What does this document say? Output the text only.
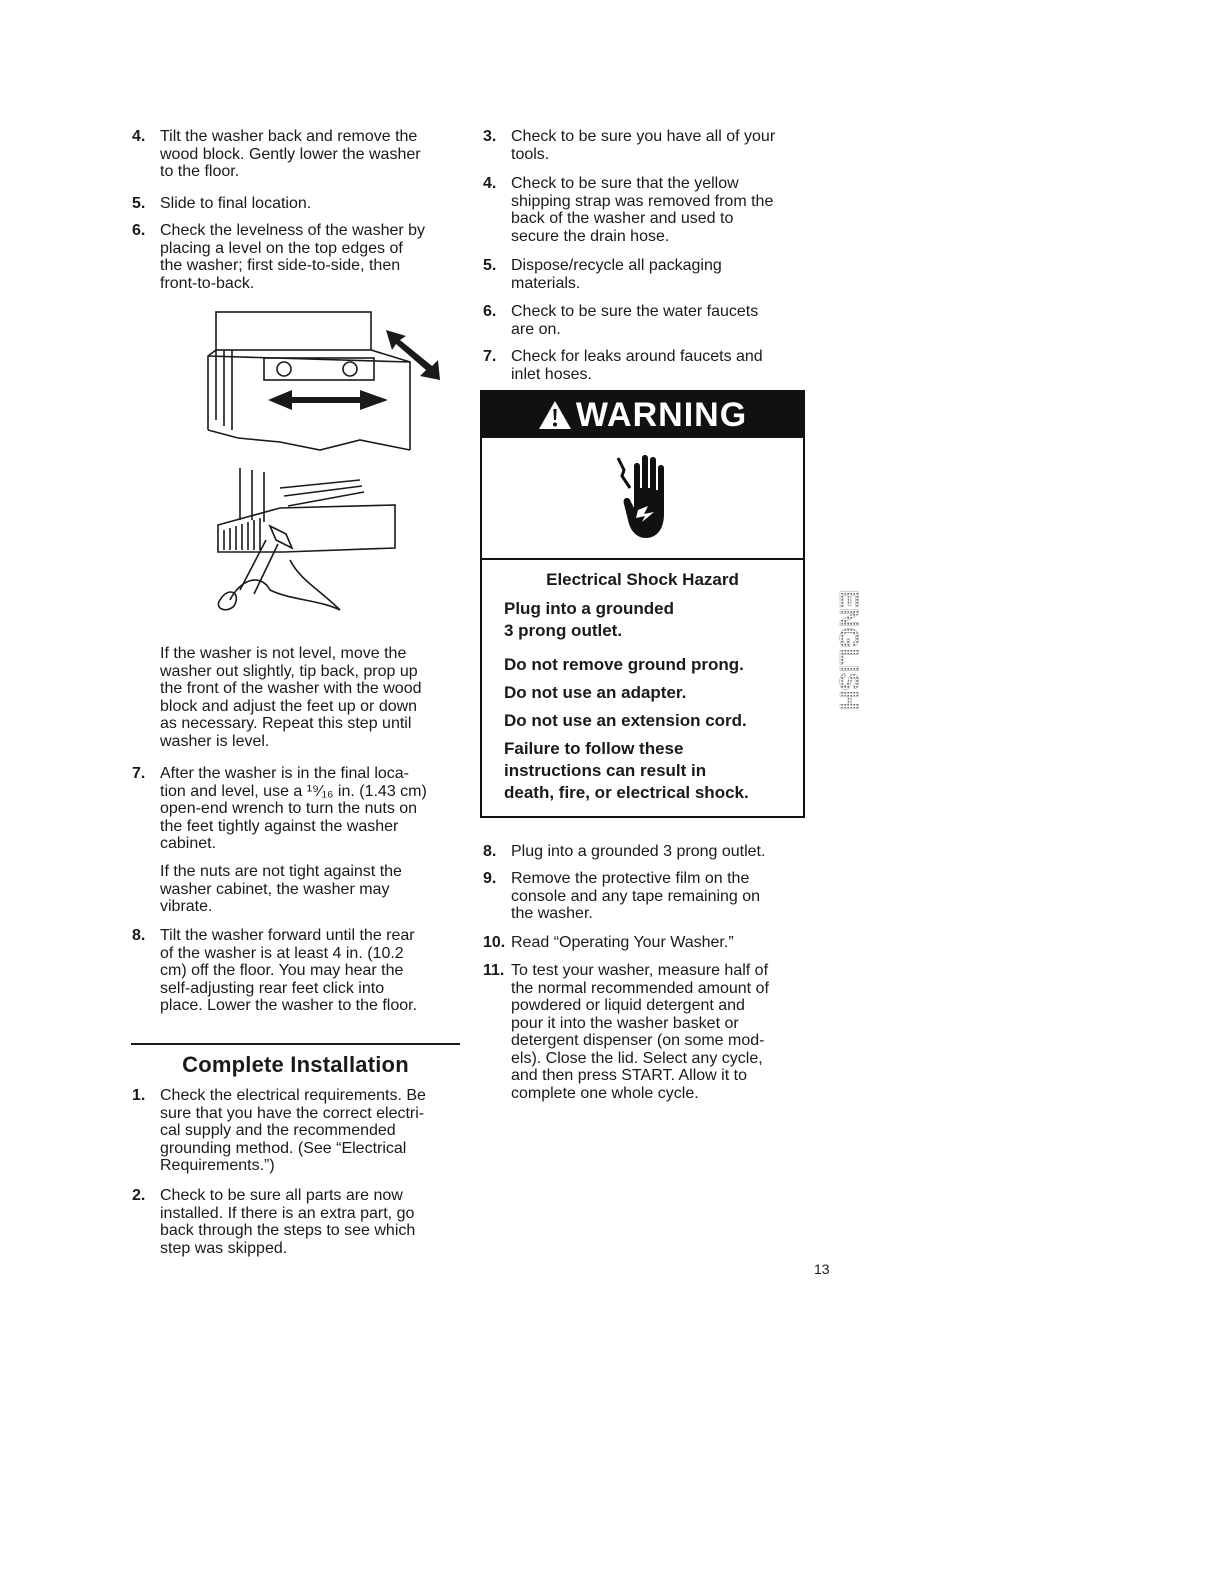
4. Tilt the washer back and remove the
wood block. Gently lower the washer
to the floor.
5. Slide to final location.
6. Check the levelness of the washer by
placing a level on the top edges of
the washer; first side-to-side, then
front-to-back.
If the washer is not level, move the
washer out slightly, tip back, prop up
the front of the washer with the wood
block and adjust the feet up or down
as necessary. Repeat this step until
washer is level.
7. After the washer is in the final loca-
tion and level, use a ¹⁹⁄₁₆ in. (1.43 cm)
open-end wrench to turn the nuts on
the feet tightly against the washer
cabinet.
If the nuts are not tight against the
washer cabinet, the washer may
vibrate.
8. Tilt the washer forward until the rear
of the washer is at least 4 in. (10.2
cm) off the floor. You may hear the
self-adjusting rear feet click into
place. Lower the washer to the floor.
Complete Installation
1. Check the electrical requirements. Be
sure that you have the correct electri-
cal supply and the recommended
grounding method. (See “Electrical
Requirements.”)
2. Check to be sure all parts are now
installed. If there is an extra part, go
back through the steps to see which
step was skipped.
3. Check to be sure you have all of your
tools.
4. Check to be sure that the yellow
shipping strap was removed from the
back of the washer and used to
secure the drain hose.
5. Dispose/recycle all packaging
materials.
6. Check to be sure the water faucets
are on.
7. Check for leaks around faucets and
inlet hoses.
WARNING
Electrical Shock Hazard
Plug into a grounded
3 prong outlet.
Do not remove ground prong.
Do not use an adapter.
Do not use an extension cord.
Failure to follow these
instructions can result in
death, fire, or electrical shock.
8. Plug into a grounded 3 prong outlet.
9. Remove the protective film on the
console and any tape remaining on
the washer.
10. Read “Operating Your Washer.”
11. To test your washer, measure half of
the normal recommended amount of
powdered or liquid detergent and
pour it into the washer basket or
detergent dispenser (on some mod-
els). Close the lid. Select any cycle,
and then press START. Allow it to
complete one whole cycle.
ENGLISH
13
